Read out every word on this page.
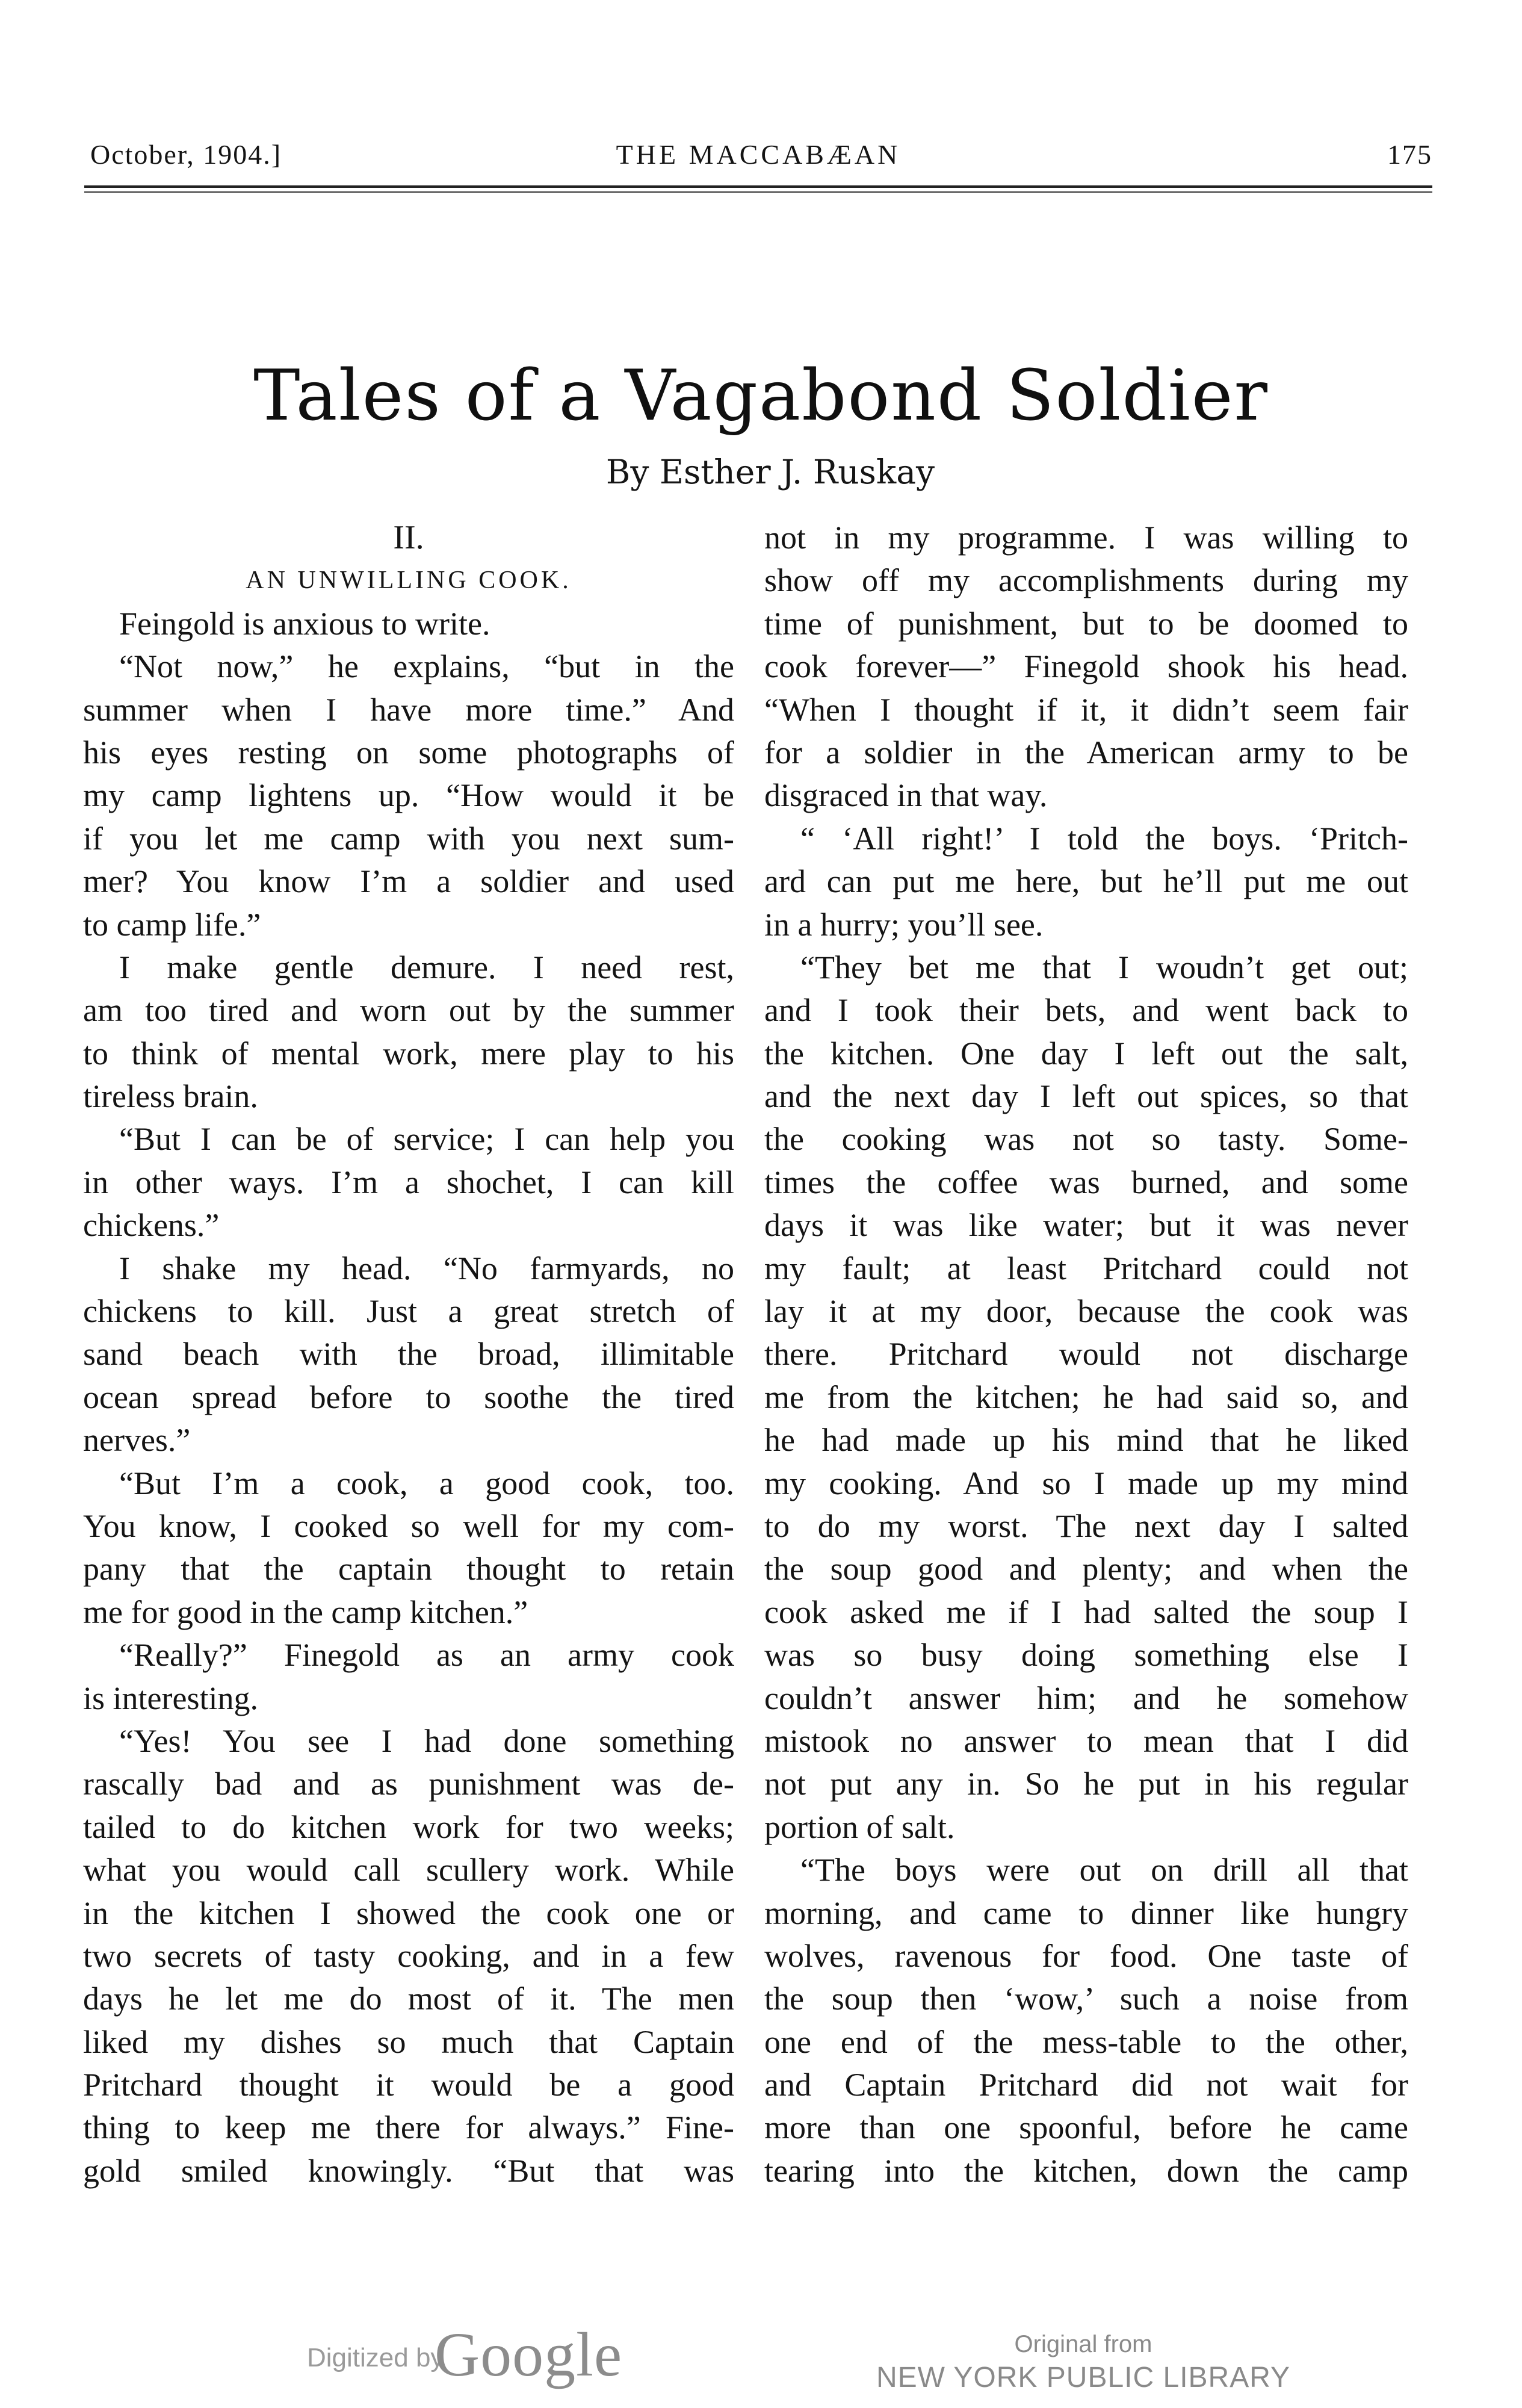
October, 1904.]	THE MACCABÆAN	175
Tales of a Vagabond Soldier
By Esther J. Ruskay
II.
AN UNWILLING COOK.
Feingold is anxious to write.
“Not now,” he explains, “but in the
summer when I have more time.” And
his eyes resting on some photographs of
my camp lightens up. “How would it be
if you let me camp with you next sum-
mer? You know I’m a soldier and used
to camp life.”
I make gentle demure. I need rest,
am too tired and worn out by the summer
to think of mental work, mere play to his
tireless brain.
“But I can be of service; I can help you
in other ways. I’m a shochet, I can kill
chickens.”
I shake my head. “No farmyards, no
chickens to kill. Just a great stretch of
sand beach with the broad, illimitable
ocean spread before to soothe the tired
nerves.”
“But I’m a cook, a good cook, too.
You know, I cooked so well for my com-
pany that the captain thought to retain
me for good in the camp kitchen.”
“Really?” Finegold as an army cook
is interesting.
“Yes! You see I had done something
rascally bad and as punishment was de-
tailed to do kitchen work for two weeks;
what you would call scullery work. While
in the kitchen I showed the cook one or
two secrets of tasty cooking, and in a few
days he let me do most of it. The men
liked my dishes so much that Captain
Pritchard thought it would be a good
thing to keep me there for always.” Fine-
gold smiled knowingly. “But that was
not in my programme. I was willing to
show off my accomplishments during my
time of punishment, but to be doomed to
cook forever—” Finegold shook his head.
“When I thought if it, it didn’t seem fair
for a soldier in the American army to be
disgraced in that way.
“ ‘All right!’ I told the boys. ‘Pritch-
ard can put me here, but he’ll put me out
in a hurry; you’ll see.
“They bet me that I woudn’t get out;
and I took their bets, and went back to
the kitchen. One day I left out the salt,
and the next day I left out spices, so that
the cooking was not so tasty. Some-
times the coffee was burned, and some
days it was like water; but it was never
my fault; at least Pritchard could not
lay it at my door, because the cook was
there. Pritchard would not discharge
me from the kitchen; he had said so, and
he had made up his mind that he liked
my cooking. And so I made up my mind
to do my worst. The next day I salted
the soup good and plenty; and when the
cook asked me if I had salted the soup I
was so busy doing something else I
couldn’t answer him; and he somehow
mistook no answer to mean that I did
not put any in. So he put in his regular
portion of salt.
“The boys were out on drill all that
morning, and came to dinner like hungry
wolves, ravenous for food. One taste of
the soup then ‘wow,’ such a noise from
one end of the mess-table to the other,
and Captain Pritchard did not wait for
more than one spoonful, before he came
tearing into the kitchen, down the camp
Digitized by
Google	Original from
NEW YORK PUBLIC LIBRARY
